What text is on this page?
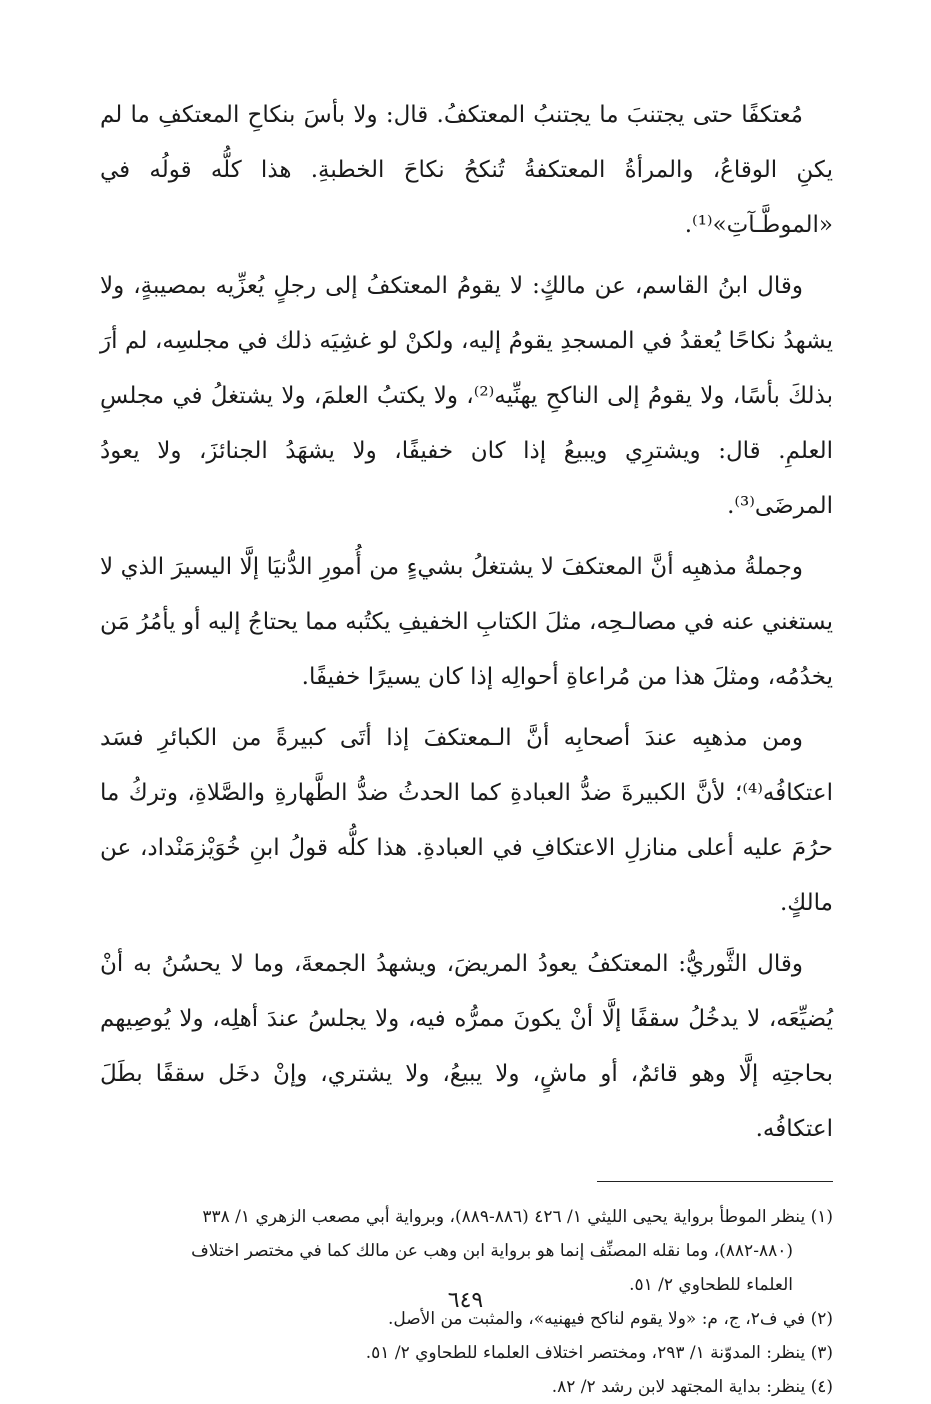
مُعتكفًا حتى يجتنبَ ما يجتنبُ المعتكفُ. قال: ولا بأسَ بنكاحِ المعتكفِ ما لم يكنِ الوقاعُ، والمرأةُ المعتكفةُ تُنكحُ نكاحَ الخطبةِ. هذا كلُّه قولُه في «الموطَّـآتِ»⁽¹⁾.

وقال ابنُ القاسم، عن مالكٍ: لا يقومُ المعتكفُ إلى رجلٍ يُعزِّيه بمصيبةٍ، ولا يشهدُ نكاحًا يُعقدُ في المسجدِ يقومُ إليه، ولكنْ لو غشِيَه ذلك في مجلسِه، لم أرَ بذلكَ بأسًا، ولا يقومُ إلى الناكحِ يهنِّيه⁽²⁾، ولا يكتبُ العلمَ، ولا يشتغلُ في مجلسِ العلمِ. قال: ويشترِي ويبيعُ إذا كان خفيفًا، ولا يشهَدُ الجنائزَ، ولا يعودُ المرضَى⁽³⁾.

وجملةُ مذهبِه أنَّ المعتكفَ لا يشتغلُ بشيءٍ من أُمورِ الدُّنيَا إلَّا اليسيرَ الذي لا يستغني عنه في مصالـحِه، مثلَ الكتابِ الخفيفِ يكتُبه مما يحتاجُ إليه أو يأمُرُ مَن يخدُمُه، ومثلَ هذا من مُراعاةِ أحوالِه إذا كان يسيرًا خفيفًا.

ومن مذهبِه عندَ أصحابِه أنَّ الـمعتكفَ إذا أتَى كبيرةً من الكبائرِ فسَد اعتكافُه⁽⁴⁾؛ لأنَّ الكبيرةَ ضدُّ العبادةِ كما الحدثُ ضدُّ الطَّهارةِ والصَّلاةِ، وتركُ ما حرُمَ عليه أعلى منازلِ الاعتكافِ في العبادةِ. هذا كلُّه قولُ ابنِ خُوَيْزمَنْداد، عن مالكٍ.

وقال الثَّوريُّ: المعتكفُ يعودُ المريضَ، ويشهدُ الجمعةَ، وما لا يحسُنُ به أنْ يُضيِّعَه، لا يدخُلُ سقفًا إلَّا أنْ يكونَ ممرُّه فيه، ولا يجلسُ عندَ أهلِه، ولا يُوصِيهم بحاجتِه إلَّا وهو قائمٌ، أو ماشٍ، ولا يبيعُ، ولا يشتري، وإنْ دخَل سقفًا بطَلَ اعتكافُه.

(١) ينظر الموطأ برواية يحيى الليثي ١/ ٤٢٦ (٨٨٦-٨٨٩)، وبرواية أبي مصعب الزهري ١/ ٣٣٨
(٨٨٠-٨٨٢)، وما نقله المصنِّف إنما هو برواية ابن وهب عن مالك كما في مختصر اختلاف
العلماء للطحاوي ٢/ ٥١.
(٢) في ف٢، ج، م: «ولا يقوم لناكح فيهنيه»، والمثبت من الأصل.
(٣) ينظر: المدوّنة ١/ ٢٩٣، ومختصر اختلاف العلماء للطحاوي ٢/ ٥١.
(٤) ينظر: بداية المجتهد لابن رشد ٢/ ٨٢.
٦٤٩
